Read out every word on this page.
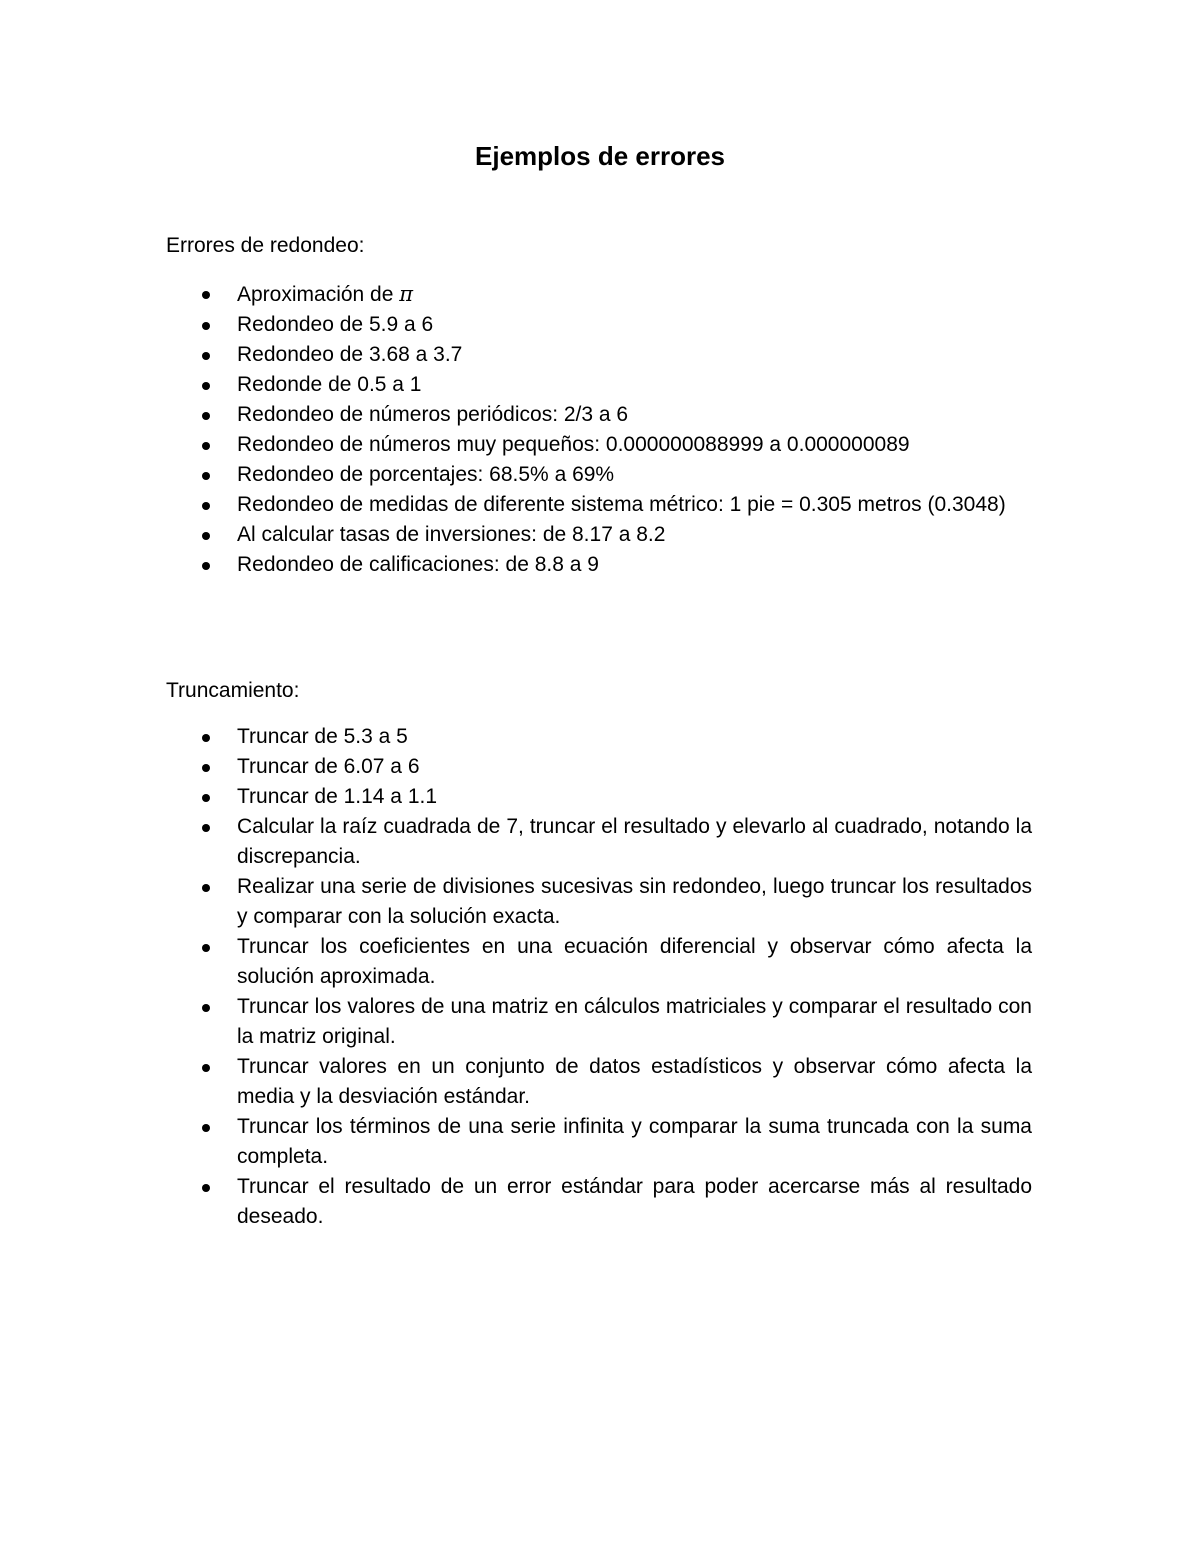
Ejemplos de errores

Errores de redondeo:

Aproximación de π
Redondeo de 5.9 a 6
Redondeo de 3.68 a 3.7
Redonde de 0.5 a 1
Redondeo de números periódicos: 2/3 a 6
Redondeo de números muy pequeños: 0.000000088999 a 0.000000089
Redondeo de porcentajes: 68.5% a 69%
Redondeo de medidas de diferente sistema métrico: 1 pie = 0.305 metros (0.3048)
Al calcular tasas de inversiones: de 8.17 a 8.2
Redondeo de calificaciones: de 8.8 a 9

Truncamiento:

Truncar de 5.3 a 5
Truncar de 6.07 a 6
Truncar de 1.14 a 1.1
Calcular la raíz cuadrada de 7, truncar el resultado y elevarlo al cuadrado, notando la discrepancia.
Realizar una serie de divisiones sucesivas sin redondeo, luego truncar los resultados y comparar con la solución exacta.
Truncar los coeficientes en una ecuación diferencial y observar cómo afecta la solución aproximada.
Truncar los valores de una matriz en cálculos matriciales y comparar el resultado con la matriz original.
Truncar valores en un conjunto de datos estadísticos y observar cómo afecta la media y la desviación estándar.
Truncar los términos de una serie infinita y comparar la suma truncada con la suma completa.
Truncar el resultado de un error estándar para poder acercarse más al resultado deseado.
